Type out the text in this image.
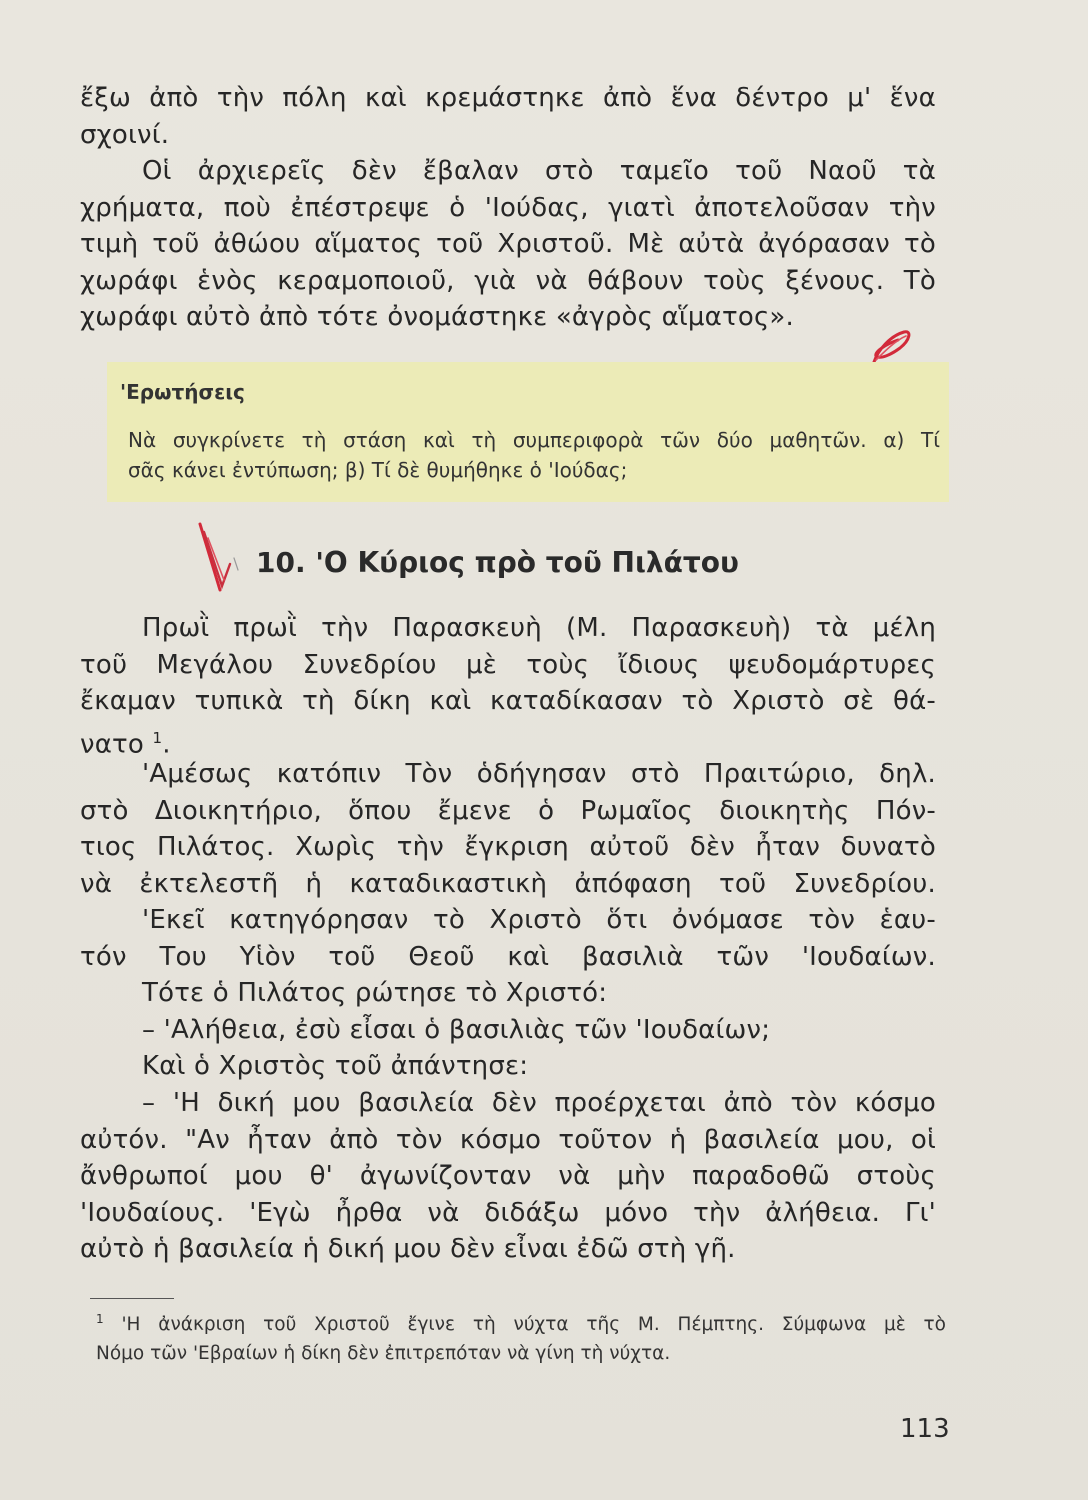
ἔξω ἀπὸ τὴν πόλη καὶ κρεμάστηκε ἀπὸ ἕνα δέντρο μ' ἕνα
σχοινί.
Οἱ ἀρχιερεῖς δὲν ἔβαλαν στὸ ταμεῖο τοῦ Ναοῦ τὰ
χρήματα, ποὺ ἐπέστρεψε ὁ 'Ιούδας, γιατὶ ἀποτελοῦσαν τὴν
τιμὴ τοῦ ἀθώου αἵματος τοῦ Χριστοῦ. Μὲ αὐτὰ ἀγόρασαν τὸ
χωράφι ἑνὸς κεραμοποιοῦ, γιὰ νὰ θάβουν τοὺς ξένους. Τὸ
χωράφι αὐτὸ ἀπὸ τότε ὀνομάστηκε «ἀγρὸς αἵματος».
'Ερωτήσεις
Νὰ συγκρίνετε τὴ στάση καὶ τὴ συμπεριφορὰ τῶν δύο μαθητῶν. α) Τί
σᾶς κάνει ἐντύπωση; β) Τί δὲ θυμήθηκε ὁ 'Ιούδας;
10. 'Ο Κύριος πρὸ τοῦ Πιλάτου
Πρωῒ πρωῒ τὴν Παρασκευὴ (Μ. Παρασκευὴ) τὰ μέλη
τοῦ Μεγάλου Συνεδρίου μὲ τοὺς ἴδιους ψευδομάρτυρες
ἔκαμαν τυπικὰ τὴ δίκη καὶ καταδίκασαν τὸ Χριστὸ σὲ θά-
νατο $^1$.
'Αμέσως κατόπιν Τὸν ὁδήγησαν στὸ Πραιτώριο, δηλ.
στὸ Διοικητήριο, ὅπου ἔμενε ὁ Ρωμαῖος διοικητὴς Πόν-
τιος Πιλάτος. Χωρὶς τὴν ἔγκριση αὐτοῦ δὲν ἦταν δυνατὸ
νὰ ἐκτελεστῆ ἡ καταδικαστικὴ ἀπόφαση τοῦ Συνεδρίου.
'Εκεῖ κατηγόρησαν τὸ Χριστὸ ὅτι ὀνόμασε τὸν ἑαυ-
τόν Του Υἱὸν τοῦ Θεοῦ καὶ βασιλιὰ τῶν 'Ιουδαίων.
Τότε ὁ Πιλάτος ρώτησε τὸ Χριστό:
– 'Αλήθεια, ἐσὺ εἶσαι ὁ βασιλιὰς τῶν 'Ιουδαίων;
Καὶ ὁ Χριστὸς τοῦ ἀπάντησε:
– 'Η δική μου βασιλεία δὲν προέρχεται ἀπὸ τὸν κόσμο
αὐτόν. "Αν ἦταν ἀπὸ τὸν κόσμο τοῦτον ἡ βασιλεία μου, οἱ
ἄνθρωποί μου θ' ἀγωνίζονταν νὰ μὴν παραδοθῶ στοὺς
'Ιουδαίους. 'Εγὼ ἦρθα νὰ διδάξω μόνο τὴν ἀλήθεια. Γι'
αὐτὸ ἡ βασιλεία ἡ δική μου δὲν εἶναι ἐδῶ στὴ γῆ.
$^1$ 'Η ἀνάκριση τοῦ Χριστοῦ ἔγινε τὴ νύχτα τῆς Μ. Πέμπτης. Σύμφωνα μὲ τὸ
Νόμο τῶν 'Εβραίων ἡ δίκη δὲν ἐπιτρεπόταν νὰ γίνη τὴ νύχτα.
113
